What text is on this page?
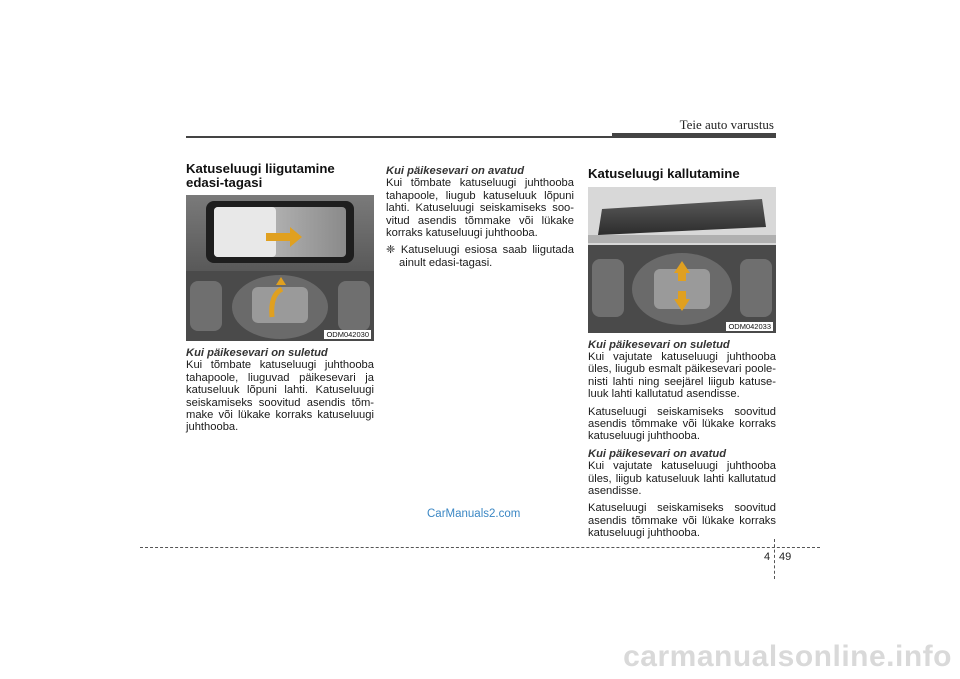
Teie auto varustus
Katuseluugi liigutamine edasi-tagasi
ODM042030
Kui päikesevari on suletud
Kui tõmbate katuseluugi juhthooba tahapoole, liuguvad päikesevari ja katuseluuk lõpuni lahti. Katuseluugi seiskamiseks soovitud asendis tõm-make või lükake korraks katuseluugi juhthooba.
Kui päikesevari on avatud
Kui tõmbate katuseluugi juhthooba tahapoole, liugub katuseluuk lõpuni lahti. Katuseluugi seiskamiseks soo-vitud asendis tõmmake või lükake korraks katuseluugi juhthooba.
❈ Katuseluugi esiosa saab liigutada ainult edasi-tagasi.
Katuseluugi kallutamine
ODM042033
Kui päikesevari on suletud
Kui vajutate katuseluugi juhthooba üles, liugub esmalt päikesevari poole-nisti lahti ning seejärel liigub katuse-luuk lahti kallutatud asendisse.
Katuseluugi seiskamiseks soovitud asendis tõmmake või lükake korraks katuseluugi juhthooba.
Kui päikesevari on avatud
Kui vajutate katuseluugi juhthooba üles, liigub katuseluuk lahti kallutatud asendisse.
Katuseluugi seiskamiseks soovitud asendis tõmmake või lükake korraks katuseluugi juhthooba.
CarManuals2.com
4 49
carmanualsonline.info
